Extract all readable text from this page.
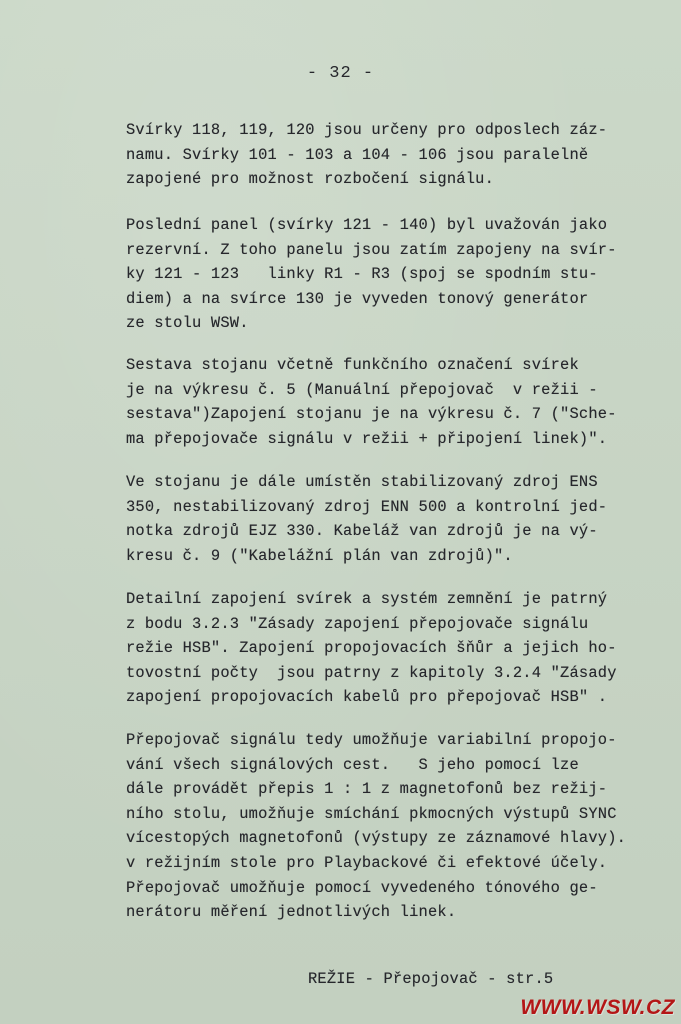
- 32 -
Svírky 118, 119, 120 jsou určeny pro odposlech záz-
namu. Svírky 101 - 103 a 104 - 106 jsou paralelně
zapojené pro možnost rozbočení signálu.
Poslední panel (svírky 121 - 140) byl uvažován jako
rezervní. Z toho panelu jsou zatím zapojeny na svír-
ky 121 - 123   linky R1 - R3 (spoj se spodním stu-
diem) a na svírce 130 je vyveden tonový generátor
ze stolu WSW.
Sestava stojanu včetně funkčního označení svírek
je na výkresu č. 5 (Manuální přepojovač  v režii -
sestava")Zapojení stojanu je na výkresu č. 7 ("Sche-
ma přepojovače signálu v režii + připojení linek)".
Ve stojanu je dále umístěn stabilizovaný zdroj ENS
350, nestabilizovaný zdroj ENN 500 a kontrolní jed-
notka zdrojů EJZ 330. Kabeláž van zdrojů je na vý-
kresu č. 9 ("Kabelážní plán van zdrojů)".
Detailní zapojení svírek a systém zemnění je patrný
z bodu 3.2.3 "Zásady zapojení přepojovače signálu
režie HSB". Zapojení propojovacích šňůr a jejich ho-
tovostní počty  jsou patrny z kapitoly 3.2.4 "Zásady
zapojení propojovacích kabelů pro přepojovač HSB" .
Přepojovač signálu tedy umožňuje variabilní propojo-
vání všech signálových cest.   S jeho pomocí lze
dále provádět přepis 1 : 1 z magnetofonů bez režij-
ního stolu, umožňuje smíchání pkmocných výstupů SYNC
vícestopých magnetofonů (výstupy ze záznamové hlavy).
v režijním stole pro Playbackové či efektové účely.
Přepojovač umožňuje pomocí vyvedeného tónového ge-
nerátoru měření jednotlivých linek.
REŽIE - Přepojovač - str.5
WWW.WSW.CZ
